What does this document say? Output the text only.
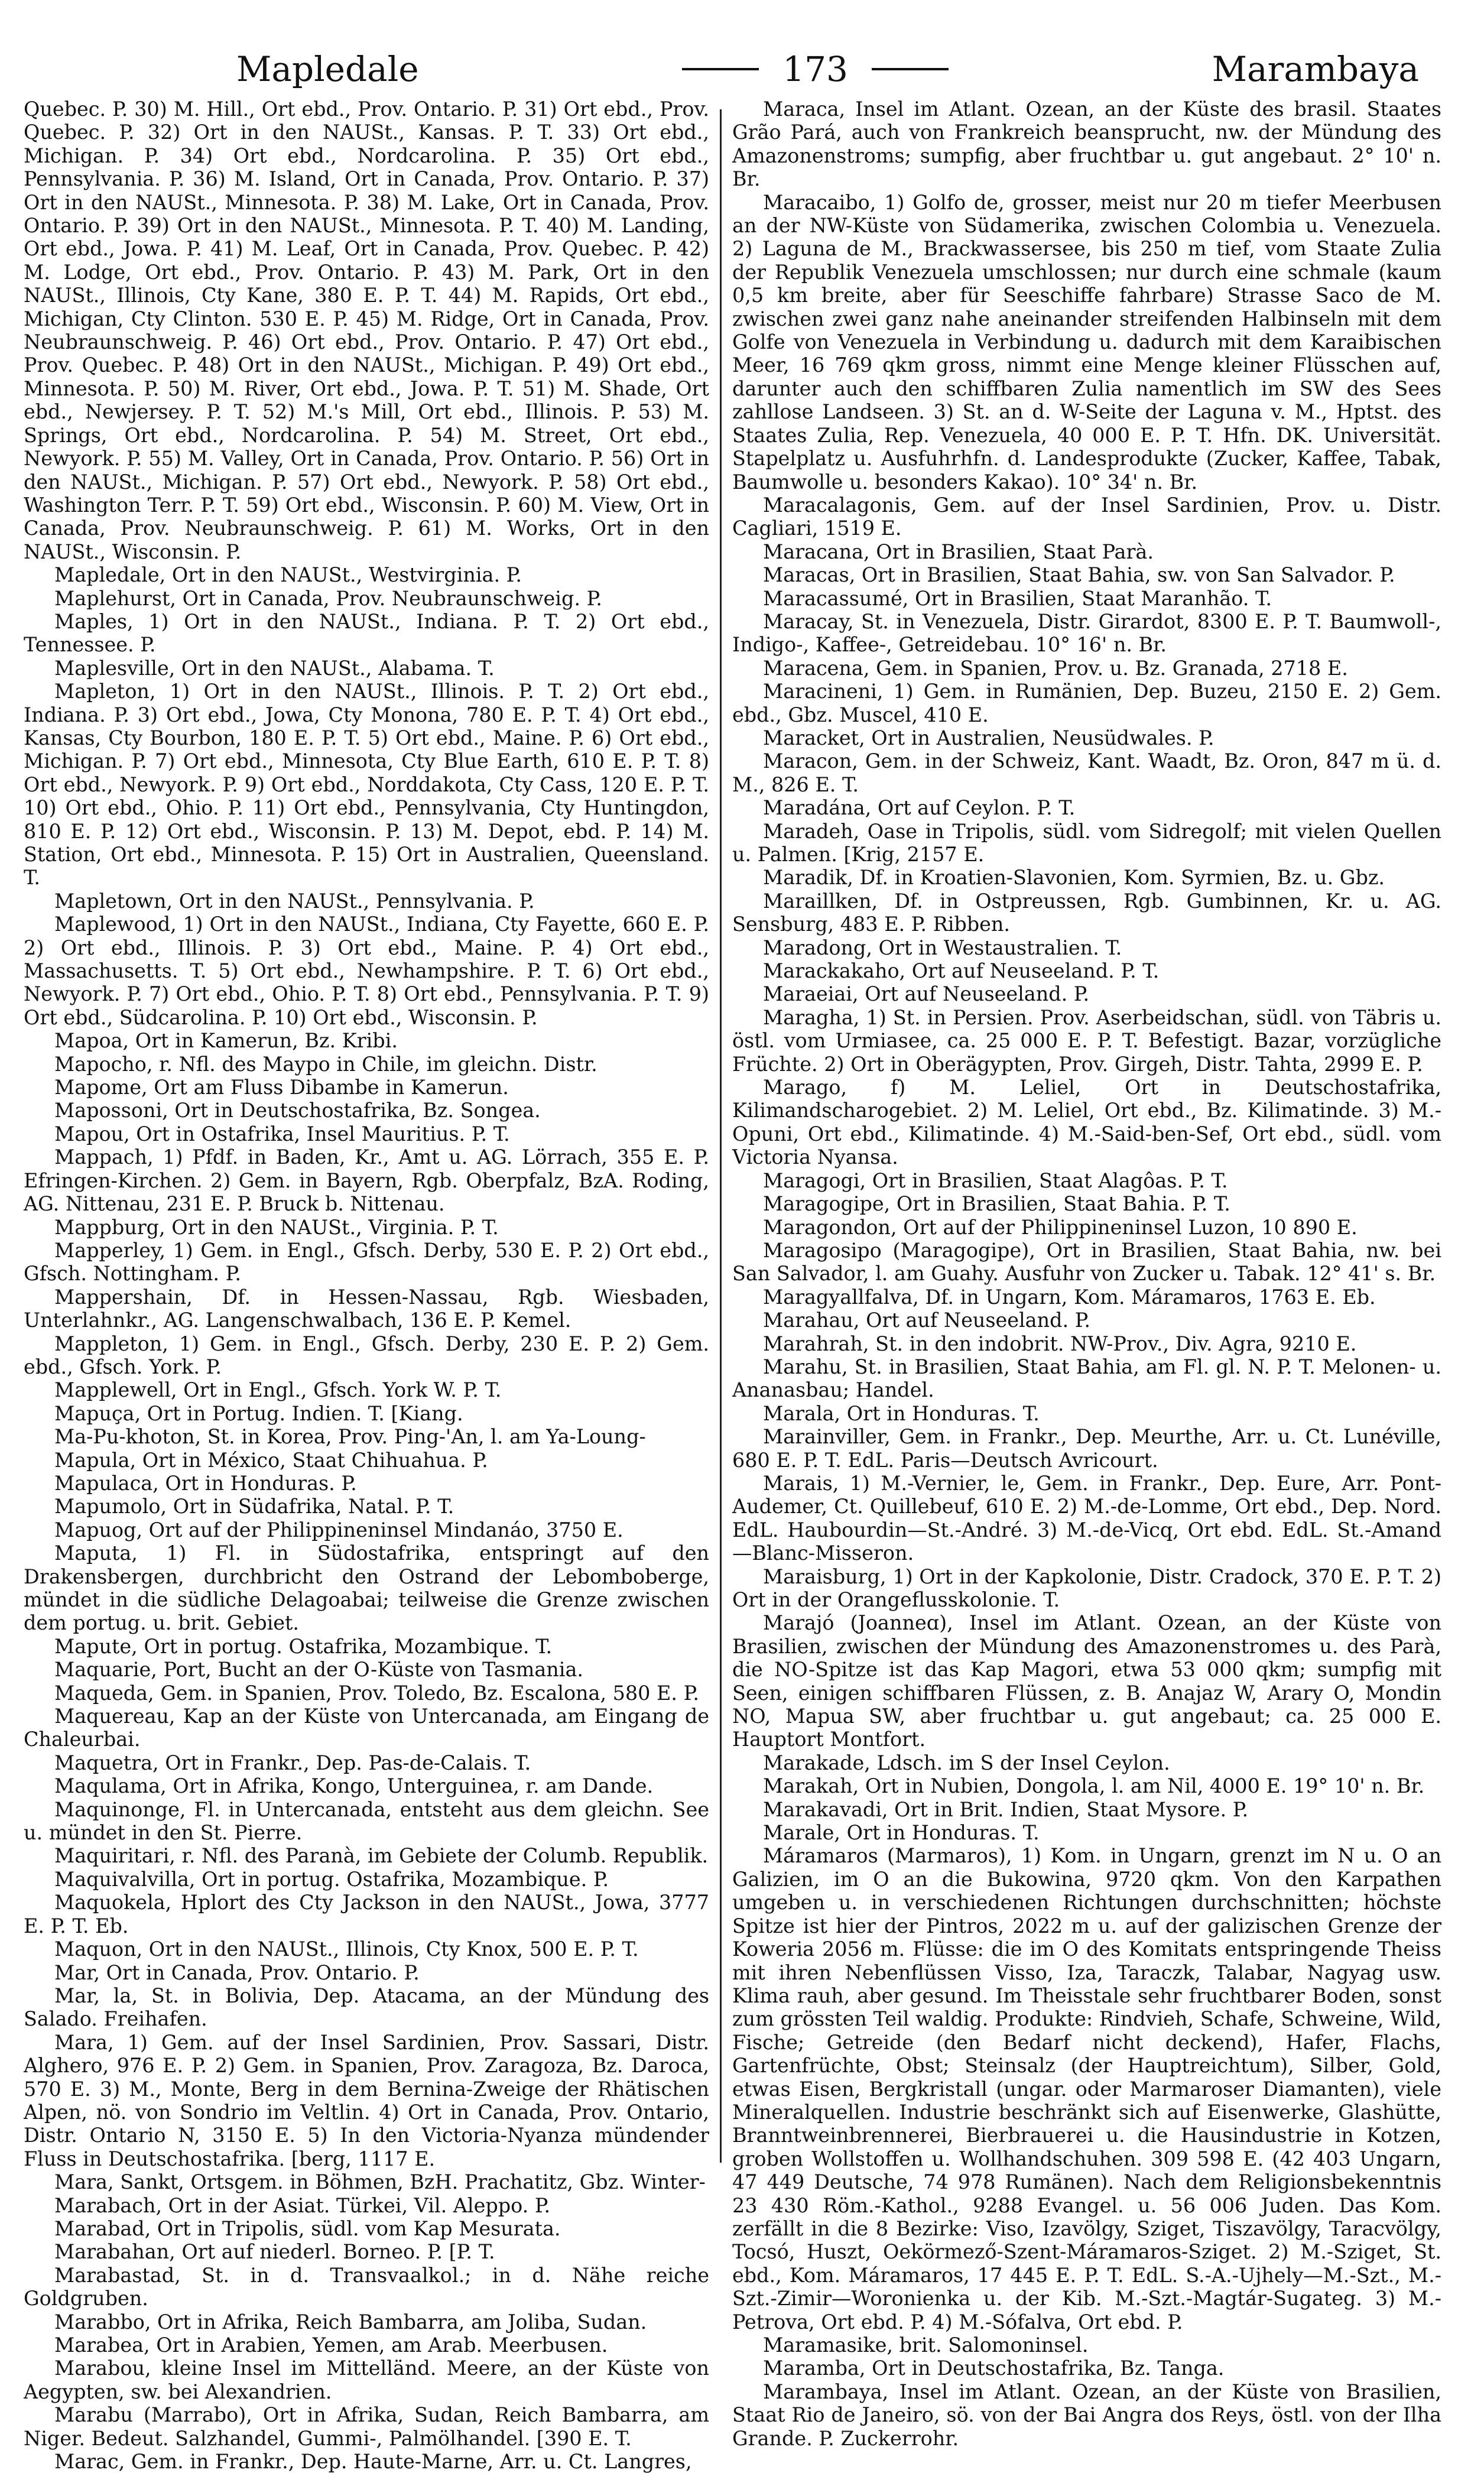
Mapledale	173	Marambaya

Quebec. P. 30) M. Hill., Ort ebd., Prov. Ontario. P. 31) Ort ebd., Prov. Quebec. P. 32) Ort in den NAUSt., Kansas. P. T. 33) Ort ebd., Michigan. P. 34) Ort ebd., Nordcarolina. P. 35) Ort ebd., Pennsylvania. P. 36) M. Island, Ort in Canada, Prov. Ontario. P. 37) Ort in den NAUSt., Minnesota. P. 38) M. Lake, Ort in Canada, Prov. Ontario. P. 39) Ort in den NAUSt., Minnesota. P. T. 40) M. Landing, Ort ebd., Jowa. P. 41) M. Leaf, Ort in Canada, Prov. Quebec. P. 42) M. Lodge, Ort ebd., Prov. Ontario. P. 43) M. Park, Ort in den NAUSt., Illinois, Cty Kane, 380 E. P. T. 44) M. Rapids, Ort ebd., Michigan, Cty Clinton. 530 E. P. 45) M. Ridge, Ort in Canada, Prov. Neubraunschweig. P. 46) Ort ebd., Prov. Ontario. P. 47) Ort ebd., Prov. Quebec. P. 48) Ort in den NAUSt., Michigan. P. 49) Ort ebd., Minnesota. P. 50) M. River, Ort ebd., Jowa. P. T. 51) M. Shade, Ort ebd., Newjersey. P. T. 52) M.'s Mill, Ort ebd., Illinois. P. 53) M. Springs, Ort ebd., Nordcarolina. P. 54) M. Street, Ort ebd., Newyork. P. 55) M. Valley, Ort in Canada, Prov. Ontario. P. 56) Ort in den NAUSt., Michigan. P. 57) Ort ebd., Newyork. P. 58) Ort ebd., Washington Terr. P. T. 59) Ort ebd., Wisconsin. P. 60) M. View, Ort in Canada, Prov. Neubraunschweig. P. 61) M. Works, Ort in den NAUSt., Wisconsin. P.

Mapledale, Ort in den NAUSt., Westvirginia. P.

Maplehurst, Ort in Canada, Prov. Neubraunschweig. P.

Maples, 1) Ort in den NAUSt., Indiana. P. T. 2) Ort ebd., Tennessee. P.

Maplesville, Ort in den NAUSt., Alabama. T.

Mapleton, 1) Ort in den NAUSt., Illinois. P. T. 2) Ort ebd., Indiana. P. 3) Ort ebd., Jowa, Cty Monona, 780 E. P. T. 4) Ort ebd., Kansas, Cty Bourbon, 180 E. P. T. 5) Ort ebd., Maine. P. 6) Ort ebd., Michigan. P. 7) Ort ebd., Minnesota, Cty Blue Earth, 610 E. P. T. 8) Ort ebd., Newyork. P. 9) Ort ebd., Norddakota, Cty Cass, 120 E. P. T. 10) Ort ebd., Ohio. P. 11) Ort ebd., Pennsylvania, Cty Huntingdon, 810 E. P. 12) Ort ebd., Wisconsin. P. 13) M. Depot, ebd. P. 14) M. Station, Ort ebd., Minnesota. P. 15) Ort in Australien, Queensland. T.

Mapletown, Ort in den NAUSt., Pennsylvania. P.

Maplewood, 1) Ort in den NAUSt., Indiana, Cty Fayette, 660 E. P. 2) Ort ebd., Illinois. P. 3) Ort ebd., Maine. P. 4) Ort ebd., Massachusetts. T. 5) Ort ebd., Newhampshire. P. T. 6) Ort ebd., Newyork. P. 7) Ort ebd., Ohio. P. T. 8) Ort ebd., Pennsylvania. P. T. 9) Ort ebd., Südcarolina. P. 10) Ort ebd., Wisconsin. P.

Mapoa, Ort in Kamerun, Bz. Kribi.

Mapocho, r. Nfl. des Maypo in Chile, im gleichn. Distr.

Mapome, Ort am Fluss Dibambe in Kamerun.

Mapossoni, Ort in Deutschostafrika, Bz. Songea.

Mapou, Ort in Ostafrika, Insel Mauritius. P. T.

Mappach, 1) Pfdf. in Baden, Kr., Amt u. AG. Lörrach, 355 E. P. Efringen-Kirchen. 2) Gem. in Bayern, Rgb. Oberpfalz, BzA. Roding, AG. Nittenau, 231 E. P. Bruck b. Nittenau.

Mappburg, Ort in den NAUSt., Virginia. P. T.

Mapperley, 1) Gem. in Engl., Gfsch. Derby, 530 E. P. 2) Ort ebd., Gfsch. Nottingham. P.

Mappershain, Df. in Hessen-Nassau, Rgb. Wiesbaden, Unterlahnkr., AG. Langenschwalbach, 136 E. P. Kemel.

Mappleton, 1) Gem. in Engl., Gfsch. Derby, 230 E. P. 2) Gem. ebd., Gfsch. York. P.

Mapplewell, Ort in Engl., Gfsch. York W. P. T.

Mapuça, Ort in Portug. Indien. T. [Kiang.

Ma-Pu-khoton, St. in Korea, Prov. Ping-'An, l. am Ya-Loung-

Mapula, Ort in México, Staat Chihuahua. P.

Mapulaca, Ort in Honduras. P.

Mapumolo, Ort in Südafrika, Natal. P. T.

Mapuog, Ort auf der Philippineninsel Mindanáo, 3750 E.

Maputa, 1) Fl. in Südostafrika, entspringt auf den Drakensbergen, durchbricht den Ostrand der Lebomboberge, mündet in die südliche Delagoabai; teilweise die Grenze zwischen dem portug. u. brit. Gebiet.

Mapute, Ort in portug. Ostafrika, Mozambique. T.

Maquarie, Port, Bucht an der O-Küste von Tasmania.

Maqueda, Gem. in Spanien, Prov. Toledo, Bz. Escalona, 580 E. P.

Maquereau, Kap an der Küste von Untercanada, am Eingang de Chaleurbai.

Maquetra, Ort in Frankr., Dep. Pas-de-Calais. T.

Maqulama, Ort in Afrika, Kongo, Unterguinea, r. am Dande.

Maquinonge, Fl. in Untercanada, entsteht aus dem gleichn. See u. mündet in den St. Pierre.

Maquiritari, r. Nfl. des Paranà, im Gebiete der Columb. Republik.

Maquivalvilla, Ort in portug. Ostafrika, Mozambique. P.

Maquokela, Hplort des Cty Jackson in den NAUSt., Jowa, 3777 E. P. T. Eb.

Maquon, Ort in den NAUSt., Illinois, Cty Knox, 500 E. P. T.

Mar, Ort in Canada, Prov. Ontario. P.

Mar, la, St. in Bolivia, Dep. Atacama, an der Mündung des Salado. Freihafen.

Mara, 1) Gem. auf der Insel Sardinien, Prov. Sassari, Distr. Alghero, 976 E. P. 2) Gem. in Spanien, Prov. Zaragoza, Bz. Daroca, 570 E. 3) M., Monte, Berg in dem Bernina-Zweige der Rhätischen Alpen, nö. von Sondrio im Veltlin. 4) Ort in Canada, Prov. Ontario, Distr. Ontario N, 3150 E. 5) In den Victoria-Nyanza mündender Fluss in Deutschostafrika. [berg, 1117 E.

Mara, Sankt, Ortsgem. in Böhmen, BzH. Prachatitz, Gbz. Winter-

Marabach, Ort in der Asiat. Türkei, Vil. Aleppo. P.

Marabad, Ort in Tripolis, südl. vom Kap Mesurata.

Marabahan, Ort auf niederl. Borneo. P. [P. T.

Marabastad, St. in d. Transvaalkol.; in d. Nähe reiche Goldgruben.

Marabbo, Ort in Afrika, Reich Bambarra, am Joliba, Sudan.

Marabea, Ort in Arabien, Yemen, am Arab. Meerbusen.

Marabou, kleine Insel im Mittelländ. Meere, an der Küste von Aegypten, sw. bei Alexandrien.

Marabu (Marrabo), Ort in Afrika, Sudan, Reich Bambarra, am Niger. Bedeut. Salzhandel, Gummi-, Palmölhandel. [390 E. T.

Marac, Gem. in Frankr., Dep. Haute-Marne, Arr. u. Ct. Langres,

Maraca, Insel im Atlant. Ozean, an der Küste des brasil. Staates Grão Pará, auch von Frankreich beansprucht, nw. der Mündung des Amazonenstroms; sumpfig, aber fruchtbar u. gut angebaut. 2° 10' n. Br.

Maracaibo, 1) Golfo de, grosser, meist nur 20 m tiefer Meerbusen an der NW-Küste von Südamerika, zwischen Colombia u. Venezuela. 2) Laguna de M., Brackwassersee, bis 250 m tief, vom Staate Zulia der Republik Venezuela umschlossen; nur durch eine schmale (kaum 0,5 km breite, aber für Seeschiffe fahrbare) Strasse Saco de M. zwischen zwei ganz nahe aneinander streifenden Halbinseln mit dem Golfe von Venezuela in Verbindung u. dadurch mit dem Karaibischen Meer, 16 769 qkm gross, nimmt eine Menge kleiner Flüsschen auf, darunter auch den schiffbaren Zulia namentlich im SW des Sees zahllose Landseen. 3) St. an d. W-Seite der Laguna v. M., Hptst. des Staates Zulia, Rep. Venezuela, 40 000 E. P. T. Hfn. DK. Universität. Stapelplatz u. Ausfuhrhfn. d. Landesprodukte (Zucker, Kaffee, Tabak, Baumwolle u. besonders Kakao). 10° 34' n. Br.

Maracalagonis, Gem. auf der Insel Sardinien, Prov. u. Distr. Cagliari, 1519 E.

Maracana, Ort in Brasilien, Staat Parà.

Maracas, Ort in Brasilien, Staat Bahia, sw. von San Salvador. P.

Maracassumé, Ort in Brasilien, Staat Maranhão. T.

Maracay, St. in Venezuela, Distr. Girardot, 8300 E. P. T. Baumwoll-, Indigo-, Kaffee-, Getreidebau. 10° 16' n. Br.

Maracena, Gem. in Spanien, Prov. u. Bz. Granada, 2718 E.

Maracineni, 1) Gem. in Rumänien, Dep. Buzeu, 2150 E. 2) Gem. ebd., Gbz. Muscel, 410 E.

Maracket, Ort in Australien, Neusüdwales. P.

Maracon, Gem. in der Schweiz, Kant. Waadt, Bz. Oron, 847 m ü. d. M., 826 E. T.

Maradána, Ort auf Ceylon. P. T.

Maradeh, Oase in Tripolis, südl. vom Sidregolf; mit vielen Quellen u. Palmen. [Krig, 2157 E.

Maradik, Df. in Kroatien-Slavonien, Kom. Syrmien, Bz. u. Gbz.

Maraillken, Df. in Ostpreussen, Rgb. Gumbinnen, Kr. u. AG. Sensburg, 483 E. P. Ribben.

Maradong, Ort in Westaustralien. T.

Marackakaho, Ort auf Neuseeland. P. T.

Maraeiai, Ort auf Neuseeland. P.

Maragha, 1) St. in Persien. Prov. Aserbeidschan, südl. von Täbris u. östl. vom Urmiasee, ca. 25 000 E. P. T. Befestigt. Bazar, vorzügliche Früchte. 2) Ort in Oberägypten, Prov. Girgeh, Distr. Tahta, 2999 E. P.

Marago, f) M. Leliel, Ort in Deutschostafrika, Kilimandscharogebiet. 2) M. Leliel, Ort ebd., Bz. Kilimatinde. 3) M.-Opuni, Ort ebd., Kilimatinde. 4) M.-Said-ben-Sef, Ort ebd., südl. vom Victoria Nyansa.

Maragogi, Ort in Brasilien, Staat Alagôas. P. T.

Maragogipe, Ort in Brasilien, Staat Bahia. P. T.

Maragondon, Ort auf der Philippineninsel Luzon, 10 890 E.

Maragosipo (Maragogipe), Ort in Brasilien, Staat Bahia, nw. bei San Salvador, l. am Guahy. Ausfuhr von Zucker u. Tabak. 12° 41' s. Br.

Maragyallfalva, Df. in Ungarn, Kom. Máramaros, 1763 E. Eb.

Marahau, Ort auf Neuseeland. P.

Marahrah, St. in den indobrit. NW-Prov., Div. Agra, 9210 E.

Marahu, St. in Brasilien, Staat Bahia, am Fl. gl. N. P. T. Melonen- u. Ananasbau; Handel.

Marala, Ort in Honduras. T.

Marainviller, Gem. in Frankr., Dep. Meurthe, Arr. u. Ct. Lunéville, 680 E. P. T. EdL. Paris—Deutsch Avricourt.

Marais, 1) M.-Vernier, le, Gem. in Frankr., Dep. Eure, Arr. Pont-Audemer, Ct. Quillebeuf, 610 E. 2) M.-de-Lomme, Ort ebd., Dep. Nord. EdL. Haubourdin—St.-André. 3) M.-de-Vicq, Ort ebd. EdL. St.-Amand—Blanc-Misseron.

Maraisburg, 1) Ort in der Kapkolonie, Distr. Cradock, 370 E. P. T. 2) Ort in der Orangeflusskolonie. T.

Marajó (Joanneɑ), Insel im Atlant. Ozean, an der Küste von Brasilien, zwischen der Mündung des Amazonenstromes u. des Parà, die NO-Spitze ist das Kap Magori, etwa 53 000 qkm; sumpfig mit Seen, einigen schiffbaren Flüssen, z. B. Anajaz W, Arary O, Mondin NO, Mapua SW, aber fruchtbar u. gut angebaut; ca. 25 000 E. Hauptort Montfort.

Marakade, Ldsch. im S der Insel Ceylon.

Marakah, Ort in Nubien, Dongola, l. am Nil, 4000 E. 19° 10' n. Br.

Marakavadi, Ort in Brit. Indien, Staat Mysore. P.

Marale, Ort in Honduras. T.

Máramaros (Marmaros), 1) Kom. in Ungarn, grenzt im N u. O an Galizien, im O an die Bukowina, 9720 qkm. Von den Karpathen umgeben u. in verschiedenen Richtungen durchschnitten; höchste Spitze ist hier der Pintros, 2022 m u. auf der galizischen Grenze der Koweria 2056 m. Flüsse: die im O des Komitats entspringende Theiss mit ihren Nebenflüssen Visso, Iza, Taraczk, Talabar, Nagyag usw. Klima rauh, aber gesund. Im Theisstale sehr fruchtbarer Boden, sonst zum grössten Teil waldig. Produkte: Rindvieh, Schafe, Schweine, Wild, Fische; Getreide (den Bedarf nicht deckend), Hafer, Flachs, Gartenfrüchte, Obst; Steinsalz (der Hauptreichtum), Silber, Gold, etwas Eisen, Bergkristall (ungar. oder Marmaroser Diamanten), viele Mineralquellen. Industrie beschränkt sich auf Eisenwerke, Glashütte, Branntweinbrennerei, Bierbrauerei u. die Hausindustrie in Kotzen, groben Wollstoffen u. Wollhandschuhen. 309 598 E. (42 403 Ungarn, 47 449 Deutsche, 74 978 Rumänen). Nach dem Religionsbekenntnis 23 430 Röm.-Kathol., 9288 Evangel. u. 56 006 Juden. Das Kom. zerfällt in die 8 Bezirke: Viso, Izavölgy, Sziget, Tiszavölgy, Taracvölgy, Tocsó, Huszt, Oekörmező-Szent-Máramaros-Sziget. 2) M.-Sziget, St. ebd., Kom. Máramaros, 17 445 E. P. T. EdL. S.-A.-Ujhely—M.-Szt., M.-Szt.-Zimir—Woronienka u. der Kib. M.-Szt.-Magtár-Sugateg. 3) M.-Petrova, Ort ebd. P. 4) M.-Sófalva, Ort ebd. P.

Maramasike, brit. Salomoninsel.

Maramba, Ort in Deutschostafrika, Bz. Tanga.

Marambaya, Insel im Atlant. Ozean, an der Küste von Brasilien, Staat Rio de Janeiro, sö. von der Bai Angra dos Reys, östl. von der Ilha Grande. P. Zuckerrohr.
